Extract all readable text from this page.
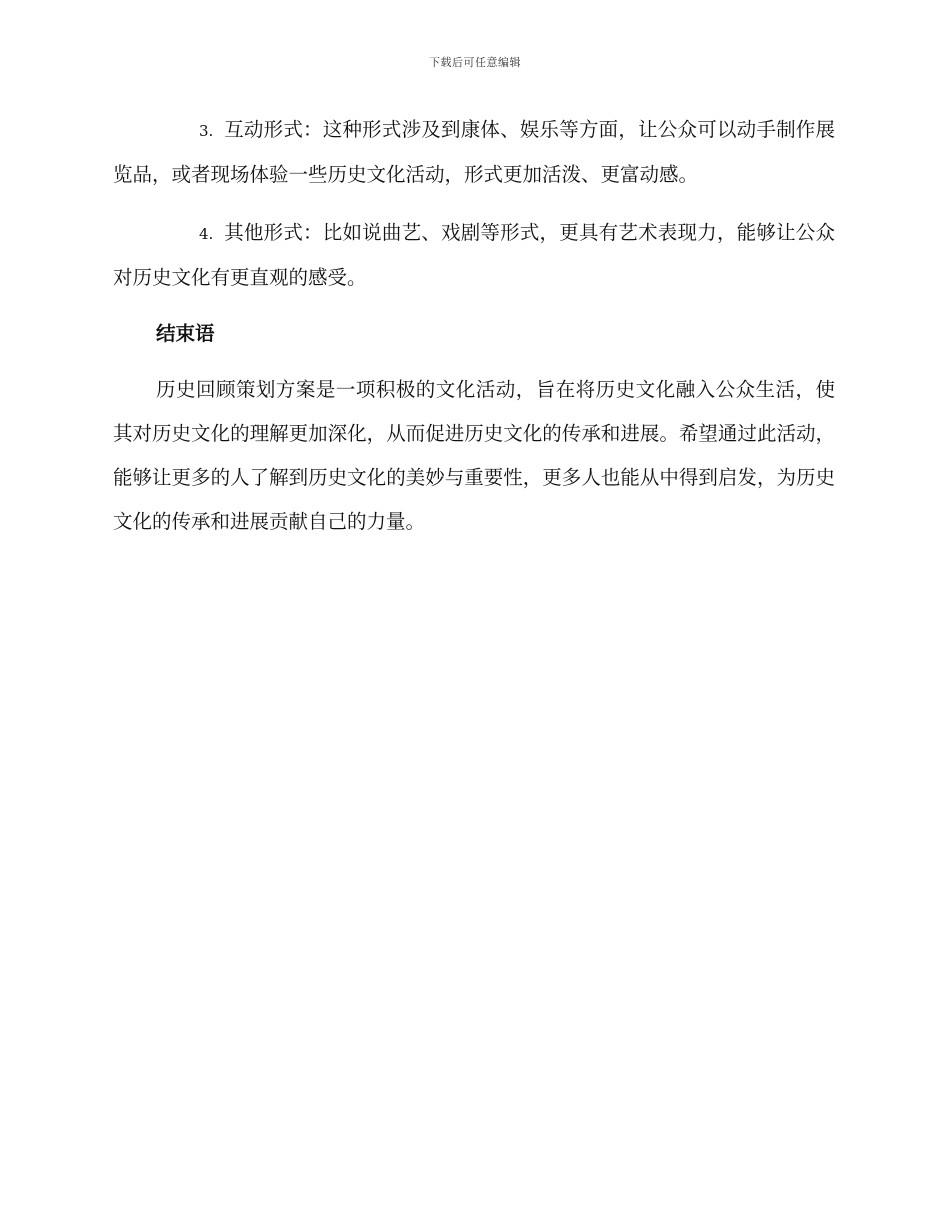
下载后可任意编辑

3. 互动形式：这种形式涉及到康体、娱乐等方面，让公众可以动手制作展览品，或者现场体验一些历史文化活动，形式更加活泼、更富动感。

4. 其他形式：比如说曲艺、戏剧等形式，更具有艺术表现力，能够让公众对历史文化有更直观的感受。

结束语

历史回顾策划方案是一项积极的文化活动，旨在将历史文化融入公众生活，使其对历史文化的理解更加深化，从而促进历史文化的传承和进展。希望通过此活动，能够让更多的人了解到历史文化的美妙与重要性，更多人也能从中得到启发，为历史文化的传承和进展贡献自己的力量。
